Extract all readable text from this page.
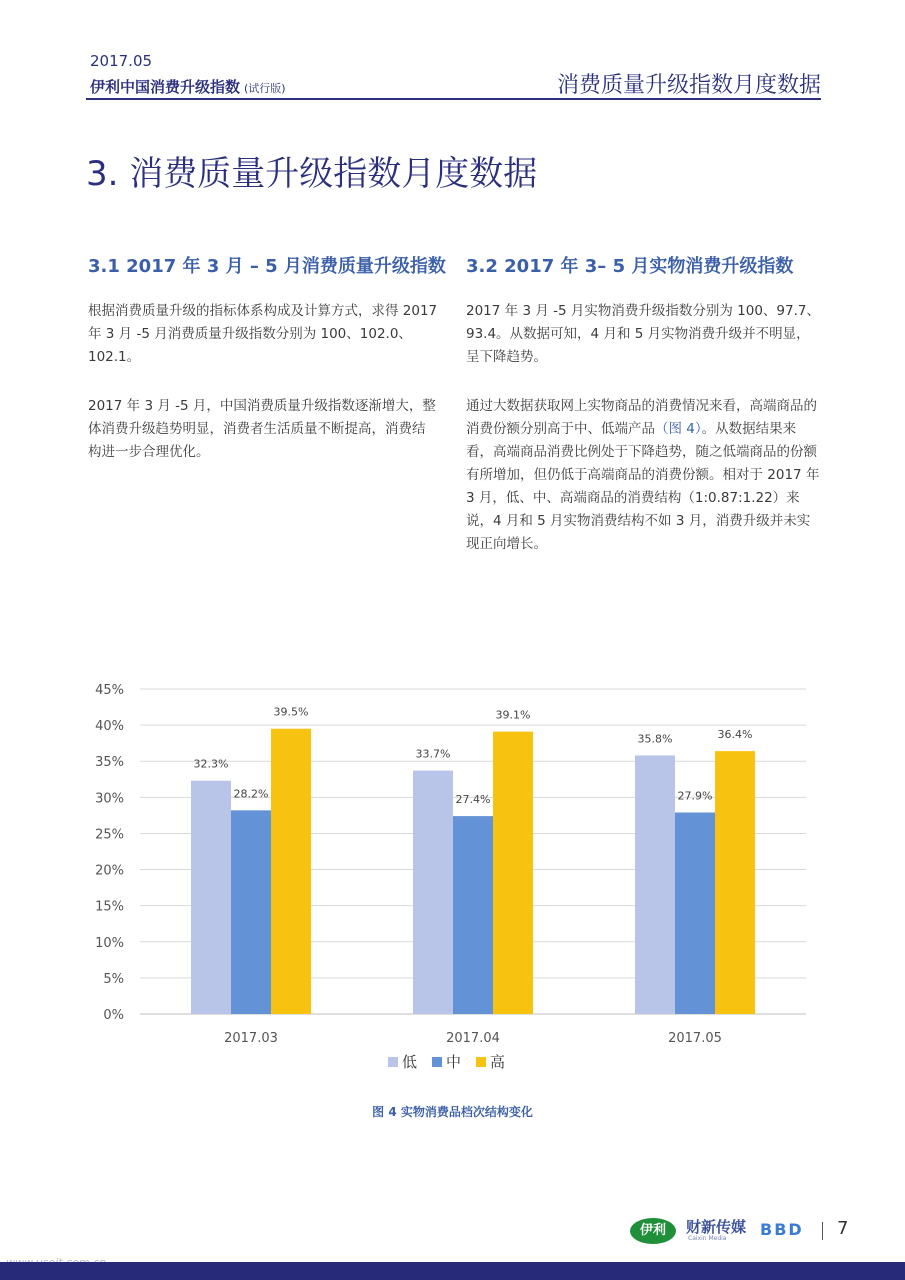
2017.05
伊利中国消费升级指数 (试行版)	消费质量升级指数月度数据
3. 消费质量升级指数月度数据
3.1 2017 年 3 月 – 5 月消费质量升级指数

根据消费质量升级的指标体系构成及计算方式，求得 2017 年 3 月 -5 月消费质量升级指数分别为 100、102.0、102.1。

2017 年 3 月 -5 月，中国消费质量升级指数逐渐增大，整体消费升级趋势明显，消费者生活质量不断提高，消费结构进一步合理优化。

3.2 2017 年 3– 5 月实物消费升级指数

2017 年 3 月 -5 月实物消费升级指数分别为 100、97.7、93.4。从数据可知，4 月和 5 月实物消费升级并不明显，呈下降趋势。

通过大数据获取网上实物商品的消费情况来看，高端商品的消费份额分别高于中、低端产品（图 4）。从数据结果来看，高端商品消费比例处于下降趋势，随之低端商品的份额有所增加，但仍低于高端商品的消费份额。相对于 2017 年 3 月，低、中、高端商品的消费结构（1:0.87:1.22）来说，4 月和 5 月实物消费结构不如 3 月，消费升级并未实现正向增长。

0%
5%
10%
15%
20%
25%
30%
35%
40%
45%
32.3%
28.2%
39.5%
2017.03
33.7%
27.4%
39.1%
2017.04
35.8%
27.9%
36.4%
2017.05
低 中 高
图 4 实物消费品档次结构变化
伊利	财新传媒
Caixin Media BBD 7
